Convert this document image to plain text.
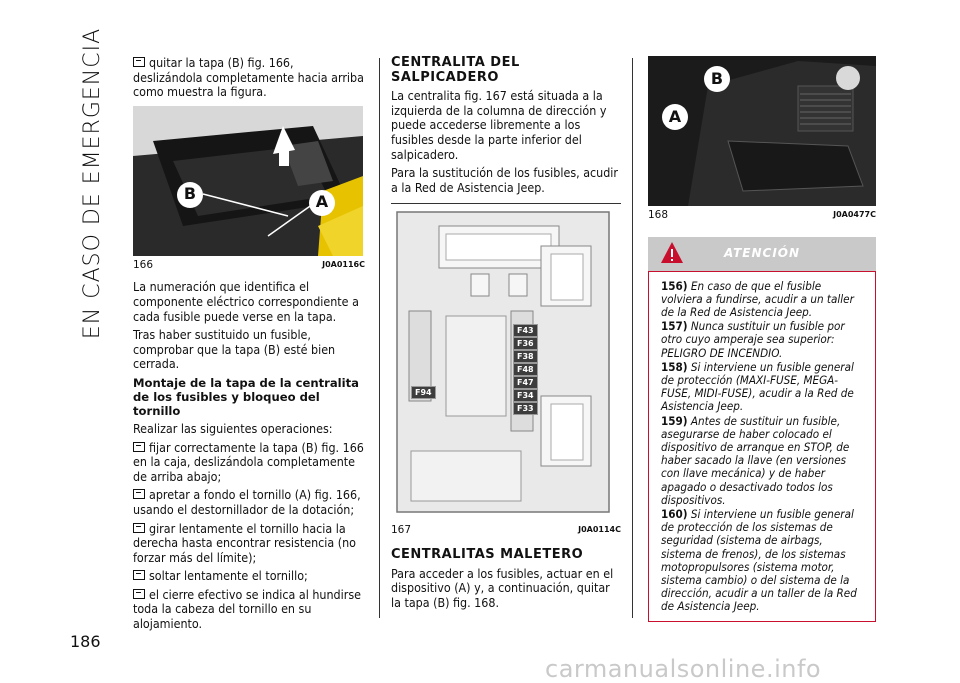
EN CASO DE EMERGENCIA
186

quitar la tapa (B) fig. 166,
deslizándola completamente hacia arriba como muestra la figura.

B	A
166	J0A0116C

La numeración que identifica el componente eléctrico correspondiente a cada fusible puede verse en la tapa.

Tras haber sustituido un fusible, comprobar que la tapa (B) esté bien cerrada.

Montaje de la tapa de la centralita de los fusibles y bloqueo del tornillo

Realizar las siguientes operaciones:

fijar correctamente la tapa (B) fig. 166 en la caja, deslizándola completamente de arriba abajo;

apretar a fondo el tornillo (A) fig. 166, usando el destornillador de la dotación;

girar lentamente el tornillo hacia la derecha hasta encontrar resistencia (no forzar más del límite);

soltar lentamente el tornillo;

el cierre efectivo se indica al hundirse toda la cabeza del tornillo en su alojamiento.

CENTRALITA DEL SALPICADERO

La centralita fig. 167 está situada a la izquierda de la columna de dirección y puede accederse libremente a los fusibles desde la parte inferior del salpicadero.

Para la sustitución de los fusibles, acudir a la Red de Asistencia Jeep.

F43
F36
F38
F48
F47
F34
F33
F94
167	J0A0114C

CENTRALITAS MALETERO

Para acceder a los fusibles, actuar en el dispositivo (A) y, a continuación, quitar la tapa (B) fig. 168.

B
A
168	J0A0477C
ATENCIÓN

156) En caso de que el fusible volviera a fundirse, acudir a un taller de la Red de Asistencia Jeep.

157) Nunca sustituir un fusible por otro cuyo amperaje sea superior: PELIGRO DE INCENDIO.

158) Si interviene un fusible general de protección (MAXI-FUSE, MEGA-FUSE, MIDI-FUSE), acudir a la Red de Asistencia Jeep.

159) Antes de sustituir un fusible, asegurarse de haber colocado el dispositivo de arranque en STOP, de haber sacado la llave (en versiones con llave mecánica) y de haber apagado o desactivado todos los dispositivos.

160) Si interviene un fusible general de protección de los sistemas de seguridad (sistema de airbags, sistema de frenos), de los sistemas motopropulsores (sistema motor, sistema cambio) o del sistema de la dirección, acudir a un taller de la Red de Asistencia Jeep.

carmanualsonline.info
